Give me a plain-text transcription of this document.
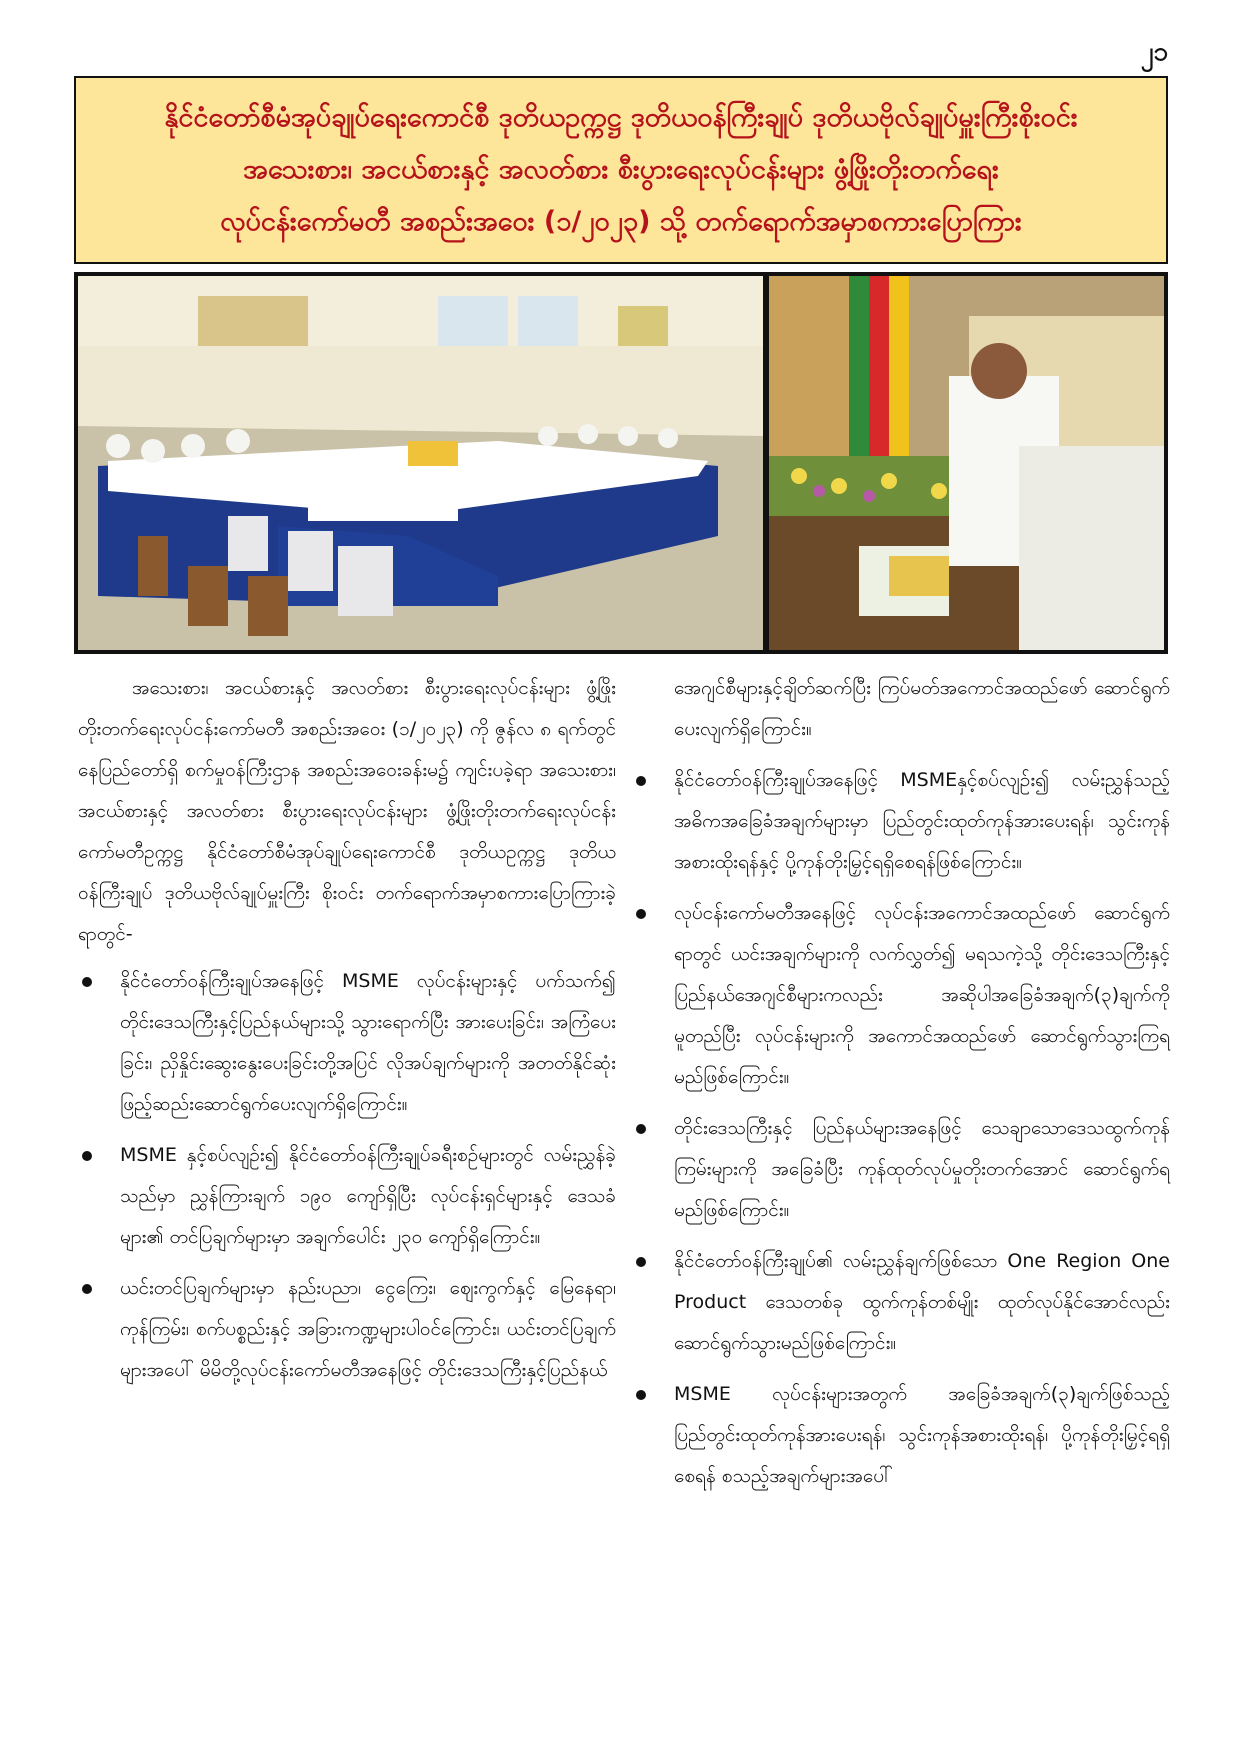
၂၁
နိုင်ငံတော်စီမံအုပ်ချုပ်ရေးကောင်စီ ဒုတိယဥက္ကဋ္ဌ ဒုတိယဝန်ကြီးချုပ် ဒုတိယဗိုလ်ချုပ်မှူးကြီးစိုးဝင်း
အသေးစား၊ အငယ်စားနှင့် အလတ်စား စီးပွားရေးလုပ်ငန်းများ ဖွံ့ဖြိုးတိုးတက်ရေး
လုပ်ငန်းကော်မတီ အစည်းအဝေး (၁/၂၀၂၃) သို့ တက်ရောက်အမှာစကားပြောကြား

အသေးစား၊ အငယ်စားနှင့် အလတ်စား စီးပွားရေးလုပ်ငန်းများ ဖွံ့ဖြိုးတိုးတက်ရေးလုပ်ငန်းကော်မတီ အစည်းအဝေး (၁/၂၀၂၃) ကို ဇွန်လ ၈ ရက်တွင် နေပြည်တော်ရှိ စက်မှုဝန်ကြီးဌာန အစည်းအဝေးခန်းမ၌ ကျင်းပခဲ့ရာ အသေးစား၊ အငယ်စားနှင့် အလတ်စား စီးပွားရေးလုပ်ငန်းများ ဖွံ့ဖြိုးတိုးတက်ရေးလုပ်ငန်းကော်မတီဥက္ကဋ္ဌ နိုင်ငံတော်စီမံအုပ်ချုပ်ရေးကောင်စီ ဒုတိယဥက္ကဋ္ဌ ဒုတိယဝန်ကြီးချုပ် ဒုတိယဗိုလ်ချုပ်မှူးကြီး စိုးဝင်း တက်ရောက်အမှာစကားပြောကြားခဲ့ရာတွင်-

နိုင်ငံတော်ဝန်ကြီးချုပ်အနေဖြင့် MSME လုပ်ငန်းများနှင့် ပက်သက်၍ တိုင်းဒေသကြီးနှင့်ပြည်နယ်များသို့ သွားရောက်ပြီး အားပေးခြင်း၊ အကြံပေးခြင်း၊ ညှိနှိုင်းဆွေးနွေးပေးခြင်းတို့အပြင် လိုအပ်ချက်များကို အတတ်နိုင်ဆုံး ဖြည့်ဆည်းဆောင်ရွက်ပေးလျက်ရှိကြောင်း။

MSME နှင့်စပ်လျဉ်း၍ နိုင်ငံတော်ဝန်ကြီးချုပ်ခရီးစဉ်များတွင် လမ်းညွှန်ခဲ့သည်မှာ ညွှန်ကြားချက် ၁၉၀ ကျော်ရှိပြီး လုပ်ငန်းရှင်များနှင့် ဒေသခံများ၏ တင်ပြချက်များမှာ အချက်ပေါင်း ၂၃၀ ကျော်ရှိကြောင်း။

ယင်းတင်ပြချက်များမှာ နည်းပညာ၊ ငွေကြေး၊ ဈေးကွက်နှင့် မြေနေရာ၊ ကုန်ကြမ်း၊ စက်ပစ္စည်းနှင့် အခြားကဏ္ဍများပါဝင်ကြောင်း၊ ယင်းတင်ပြချက်များအပေါ် မိမိတို့လုပ်ငန်းကော်မတီအနေဖြင့် တိုင်းဒေသကြီးနှင့်ပြည်နယ်

အေဂျင်စီများနှင့်ချိတ်ဆက်ပြီး ကြပ်မတ်အကောင်အထည်ဖော် ဆောင်ရွက်ပေးလျက်ရှိကြောင်း။

နိုင်ငံတော်ဝန်ကြီးချုပ်အနေဖြင့် MSMEနှင့်စပ်လျဉ်း၍ လမ်းညွှန်သည့် အဓိကအခြေခံအချက်များမှာ ပြည်တွင်းထုတ်ကုန်အားပေးရန်၊ သွင်းကုန်အစားထိုးရန်နှင့် ပို့ကုန်တိုးမြှင့်ရရှိစေရန်ဖြစ်ကြောင်း။

လုပ်ငန်းကော်မတီအနေဖြင့် လုပ်ငန်းအကောင်အထည်ဖော် ဆောင်ရွက်ရာတွင် ယင်းအချက်များကို လက်လွှတ်၍ မရသကဲ့သို့ တိုင်းဒေသကြီးနှင့် ပြည်နယ်အေဂျင်စီများကလည်း အဆိုပါအခြေခံအချက်(၃)ချက်ကို မူတည်ပြီး လုပ်ငန်းများကို အကောင်အထည်ဖော် ဆောင်ရွက်သွားကြရမည်ဖြစ်ကြောင်း။

တိုင်းဒေသကြီးနှင့် ပြည်နယ်များအနေဖြင့် သေချာသောဒေသထွက်ကုန်ကြမ်းများကို အခြေခံပြီး ကုန်ထုတ်လုပ်မှုတိုးတက်အောင် ဆောင်ရွက်ရမည်ဖြစ်ကြောင်း။

နိုင်ငံတော်ဝန်ကြီးချုပ်၏ လမ်းညွှန်ချက်ဖြစ်သော One Region One Product ဒေသတစ်ခု ထွက်ကုန်တစ်မျိုး ထုတ်လုပ်နိုင်အောင်လည်း ဆောင်ရွက်သွားမည်ဖြစ်ကြောင်း။

MSME လုပ်ငန်းများအတွက် အခြေခံအချက်(၃)ချက်ဖြစ်သည့် ပြည်တွင်းထုတ်ကုန်အားပေးရန်၊ သွင်းကုန်အစားထိုးရန်၊ ပို့ကုန်တိုးမြှင့်ရရှိစေရန် စသည့်အချက်များအပေါ်
